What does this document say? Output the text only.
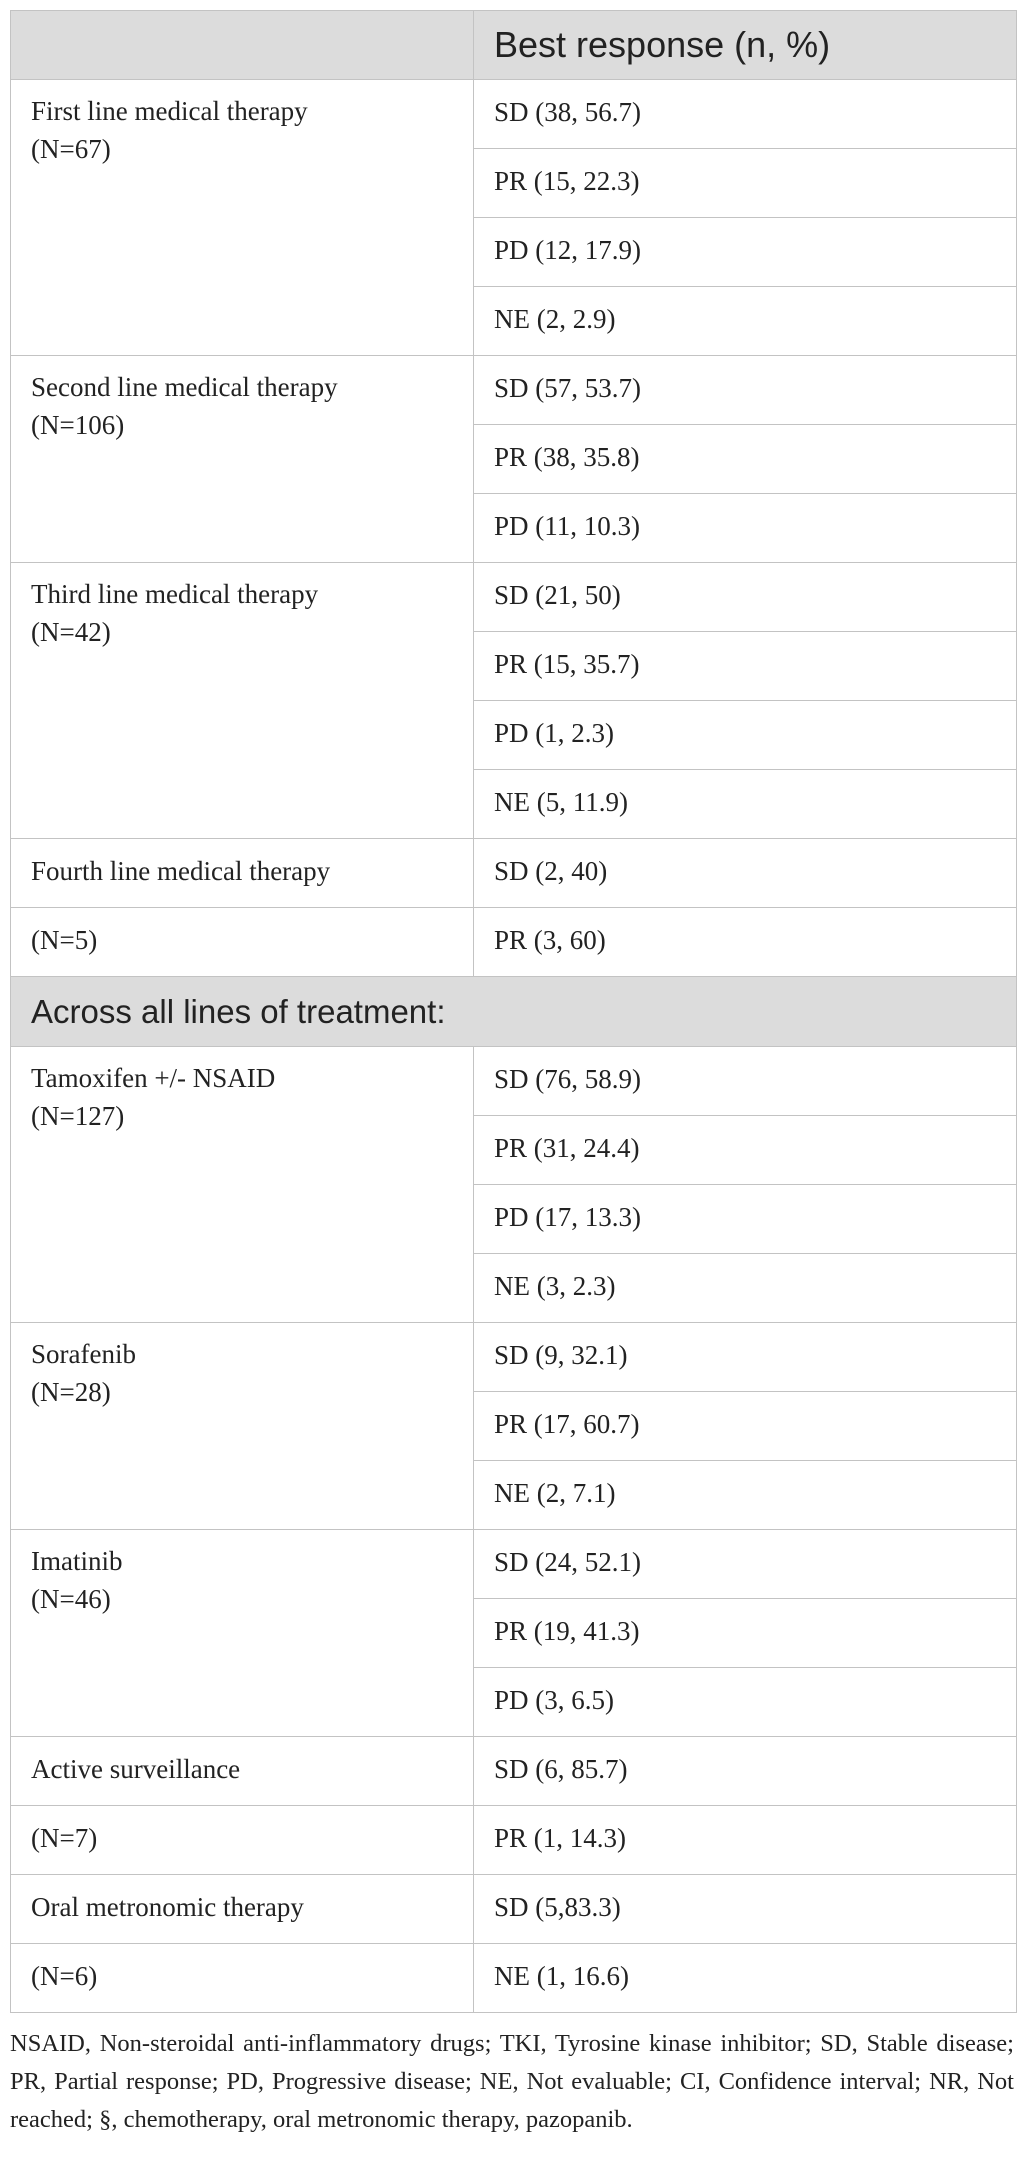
	Best response (n, %)

First line medical therapy
(N=67)	SD (38, 56.7)
	PR (15, 22.3)
	PD (12, 17.9)
	NE (2, 2.9)

Second line medical therapy
(N=106)	SD (57, 53.7)
	PR (38, 35.8)
	PD (11, 10.3)

Third line medical therapy
(N=42)	SD (21, 50)
	PR (15, 35.7)
	PD (1, 2.3)
	NE (5, 11.9)
Fourth line medical therapy	SD (2, 40)
(N=5)	PR (3, 60)
Across all lines of treatment:	

Tamoxifen +/- NSAID
(N=127)	SD (76, 58.9)
	PR (31, 24.4)
	PD (17, 13.3)
	NE (3, 2.3)

Sorafenib
(N=28)	SD (9, 32.1)
	PR (17, 60.7)
	NE (2, 7.1)

Imatinib
(N=46)	SD (24, 52.1)
	PR (19, 41.3)
	PD (3, 6.5)
Active surveillance	SD (6, 85.7)
(N=7)	PR (1, 14.3)
Oral metronomic therapy	SD (5,83.3)
(N=6)	NE (1, 16.6)

NSAID, Non-steroidal anti-inflammatory drugs; TKI, Tyrosine kinase inhibitor; SD, Stable disease; PR, Partial response; PD, Progressive disease; NE, Not evaluable; CI, Confidence interval; NR, Not reached; §, chemotherapy, oral metronomic therapy, pazopanib.
